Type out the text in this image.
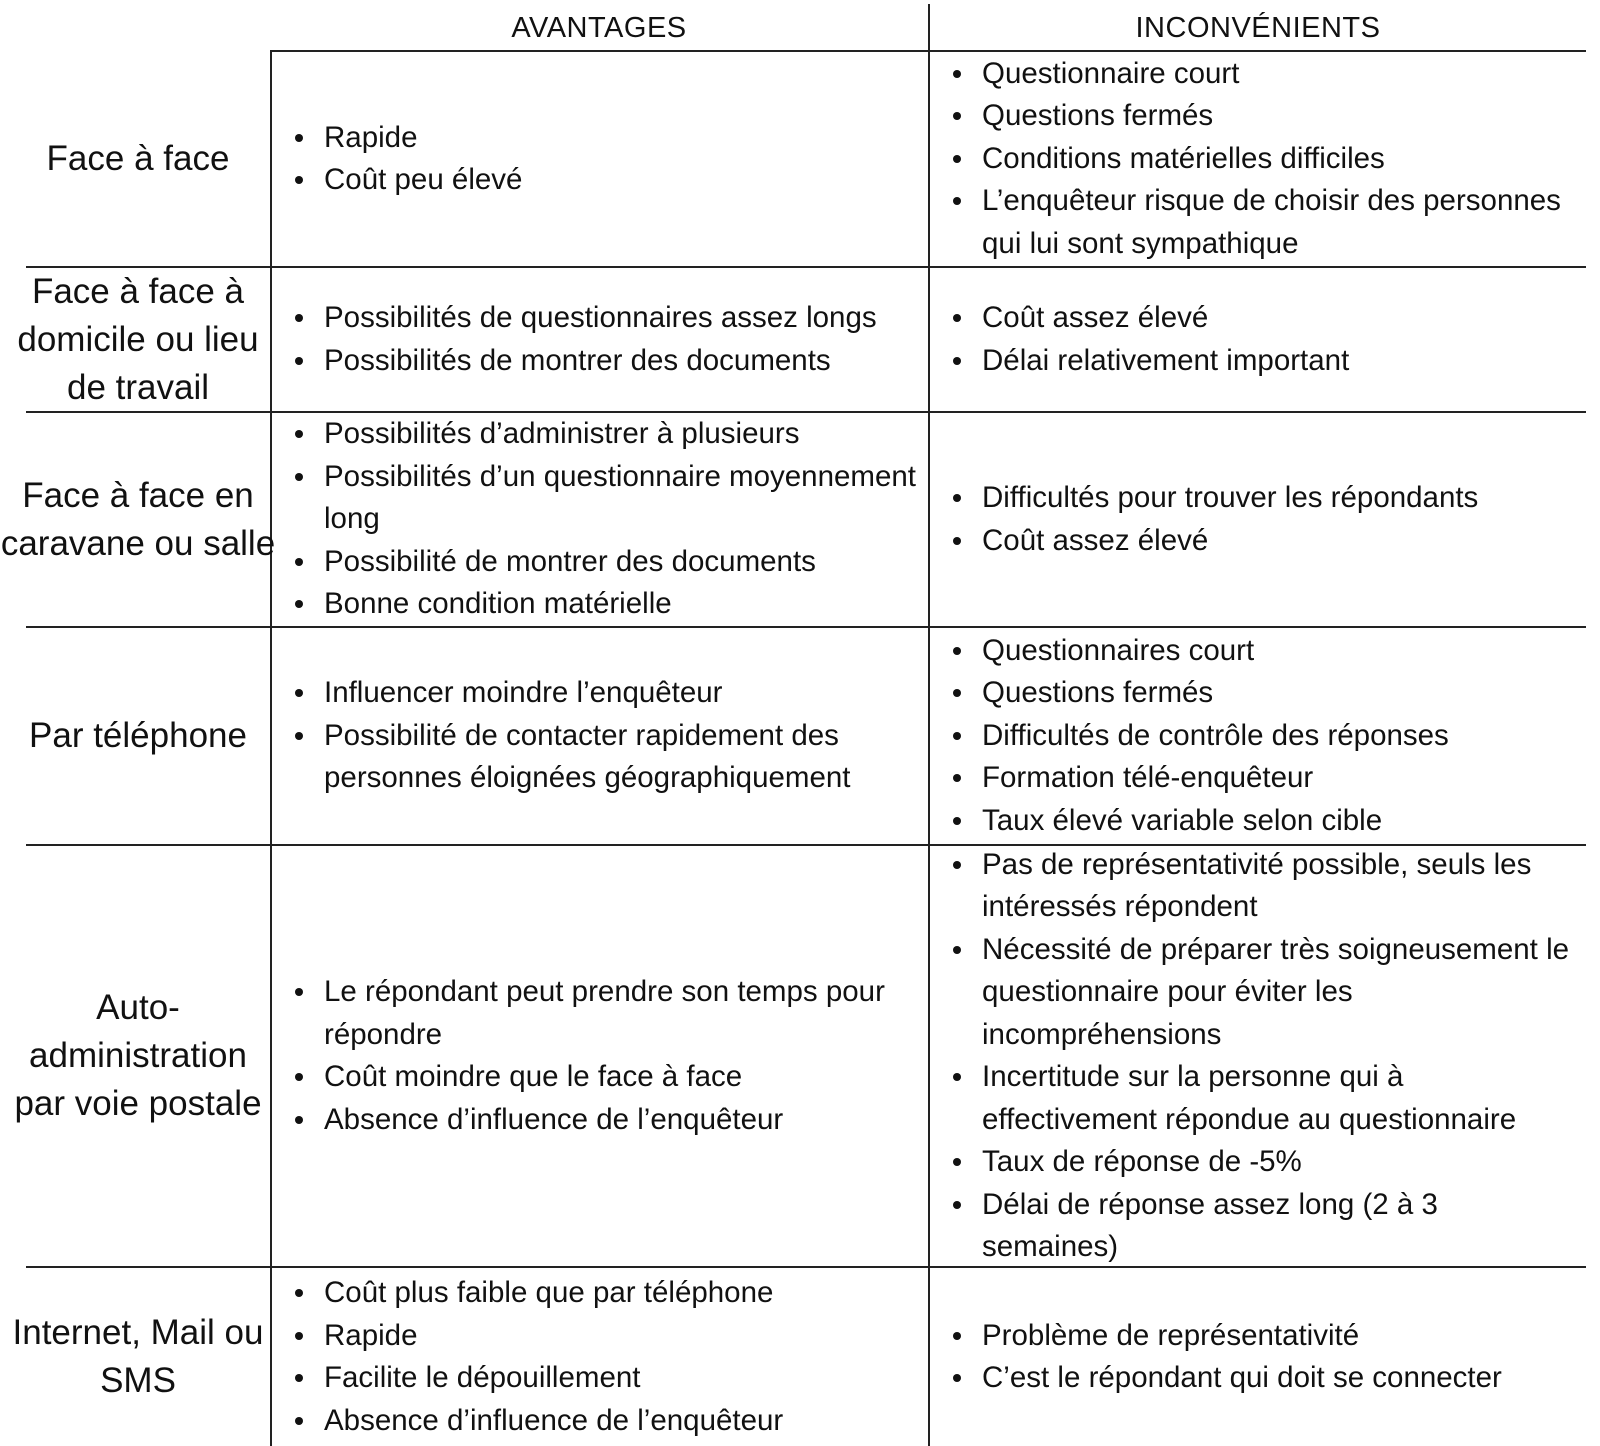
AVANTAGES	INCONVÉNIENTS
Face à face
Rapide
Coût peu élevé
Questionnaire court
Questions fermés
Conditions matérielles difficiles
L’enquêteur risque de choisir des personnes qui lui sont sympathique
Face à face à domicile ou lieu de travail
Possibilités de questionnaires assez longs
Possibilités de montrer des documents
Coût assez élevé
Délai relativement important
Face à face en caravane ou salle
Possibilités d’administrer à plusieurs
Possibilités d’un questionnaire moyennement long
Possibilité de montrer des documents
Bonne condition matérielle
Difficultés pour trouver les répondants
Coût assez élevé
Par téléphone
Influencer moindre l’enquêteur
Possibilité de contacter rapidement des personnes éloignées géographiquement
Questionnaires court
Questions fermés
Difficultés de contrôle des réponses
Formation télé-enquêteur
Taux élevé variable selon cible
Auto-administration par voie postale
Le répondant peut prendre son temps pour répondre
Coût moindre que le face à face
Absence d’influence de l’enquêteur
Pas de représentativité possible, seuls les intéressés répondent
Nécessité de préparer très soigneusement le questionnaire pour éviter les incompréhensions
Incertitude sur la personne qui à effectivement répondue au questionnaire
Taux de réponse de -5%
Délai de réponse assez long (2 à 3 semaines)
Internet, Mail ou SMS
Coût plus faible que par téléphone
Rapide
Facilite le dépouillement
Absence d’influence de l’enquêteur
Problème de représentativité
C’est le répondant qui doit se connecter
